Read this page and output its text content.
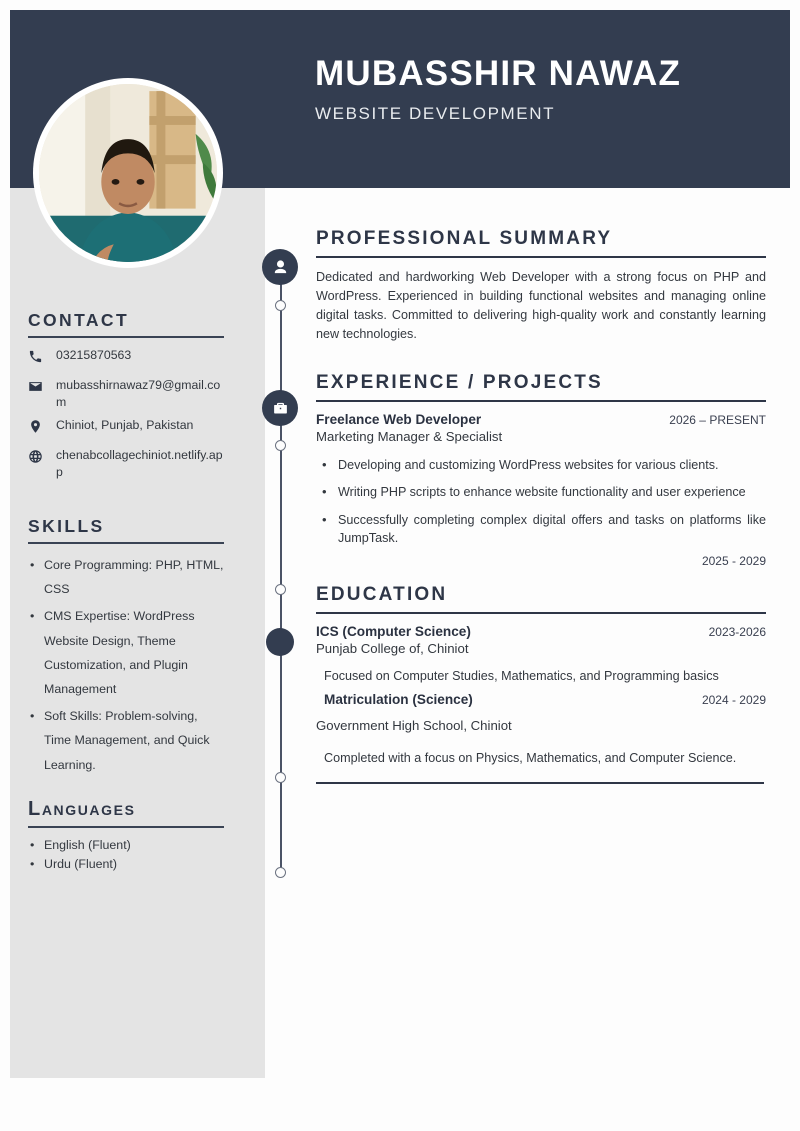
MUBASSHIR NAWAZ
WEBSITE DEVELOPMENT
CONTACT
03215870563
mubasshirnawaz79@gmail.com
Chiniot, Punjab, Pakistan
chenabcollagechiniot.netlify.app
SKILLS
• Core Programming: PHP, HTML, CSS
• CMS Expertise: WordPress Website Design, Theme Customization, and Plugin Management
• Soft Skills: Problem-solving, Time Management, and Quick Learning.
Languages
• English (Fluent)
• Urdu (Fluent)
PROFESSIONAL SUMMARY
Dedicated and hardworking Web Developer with a strong focus on PHP and WordPress. Experienced in building functional websites and managing online digital tasks. Committed to delivering high-quality work and constantly learning new technologies.
EXPERIENCE / PROJECTS
Freelance Web Developer	2026 – PRESENT
Marketing Manager & Specialist
• Developing and customizing WordPress websites for various clients.
• Writing PHP scripts to enhance website functionality and user experience
• Successfully completing complex digital offers and tasks on platforms like JumpTask.
2025 - 2029
EDUCATION
ICS (Computer Science)	2023-2026
Punjab College of, Chiniot
Focused on Computer Studies, Mathematics, and Programming basics
Matriculation (Science)	2024 - 2029
Government High School, Chiniot
Completed with a focus on Physics, Mathematics, and Computer Science.
